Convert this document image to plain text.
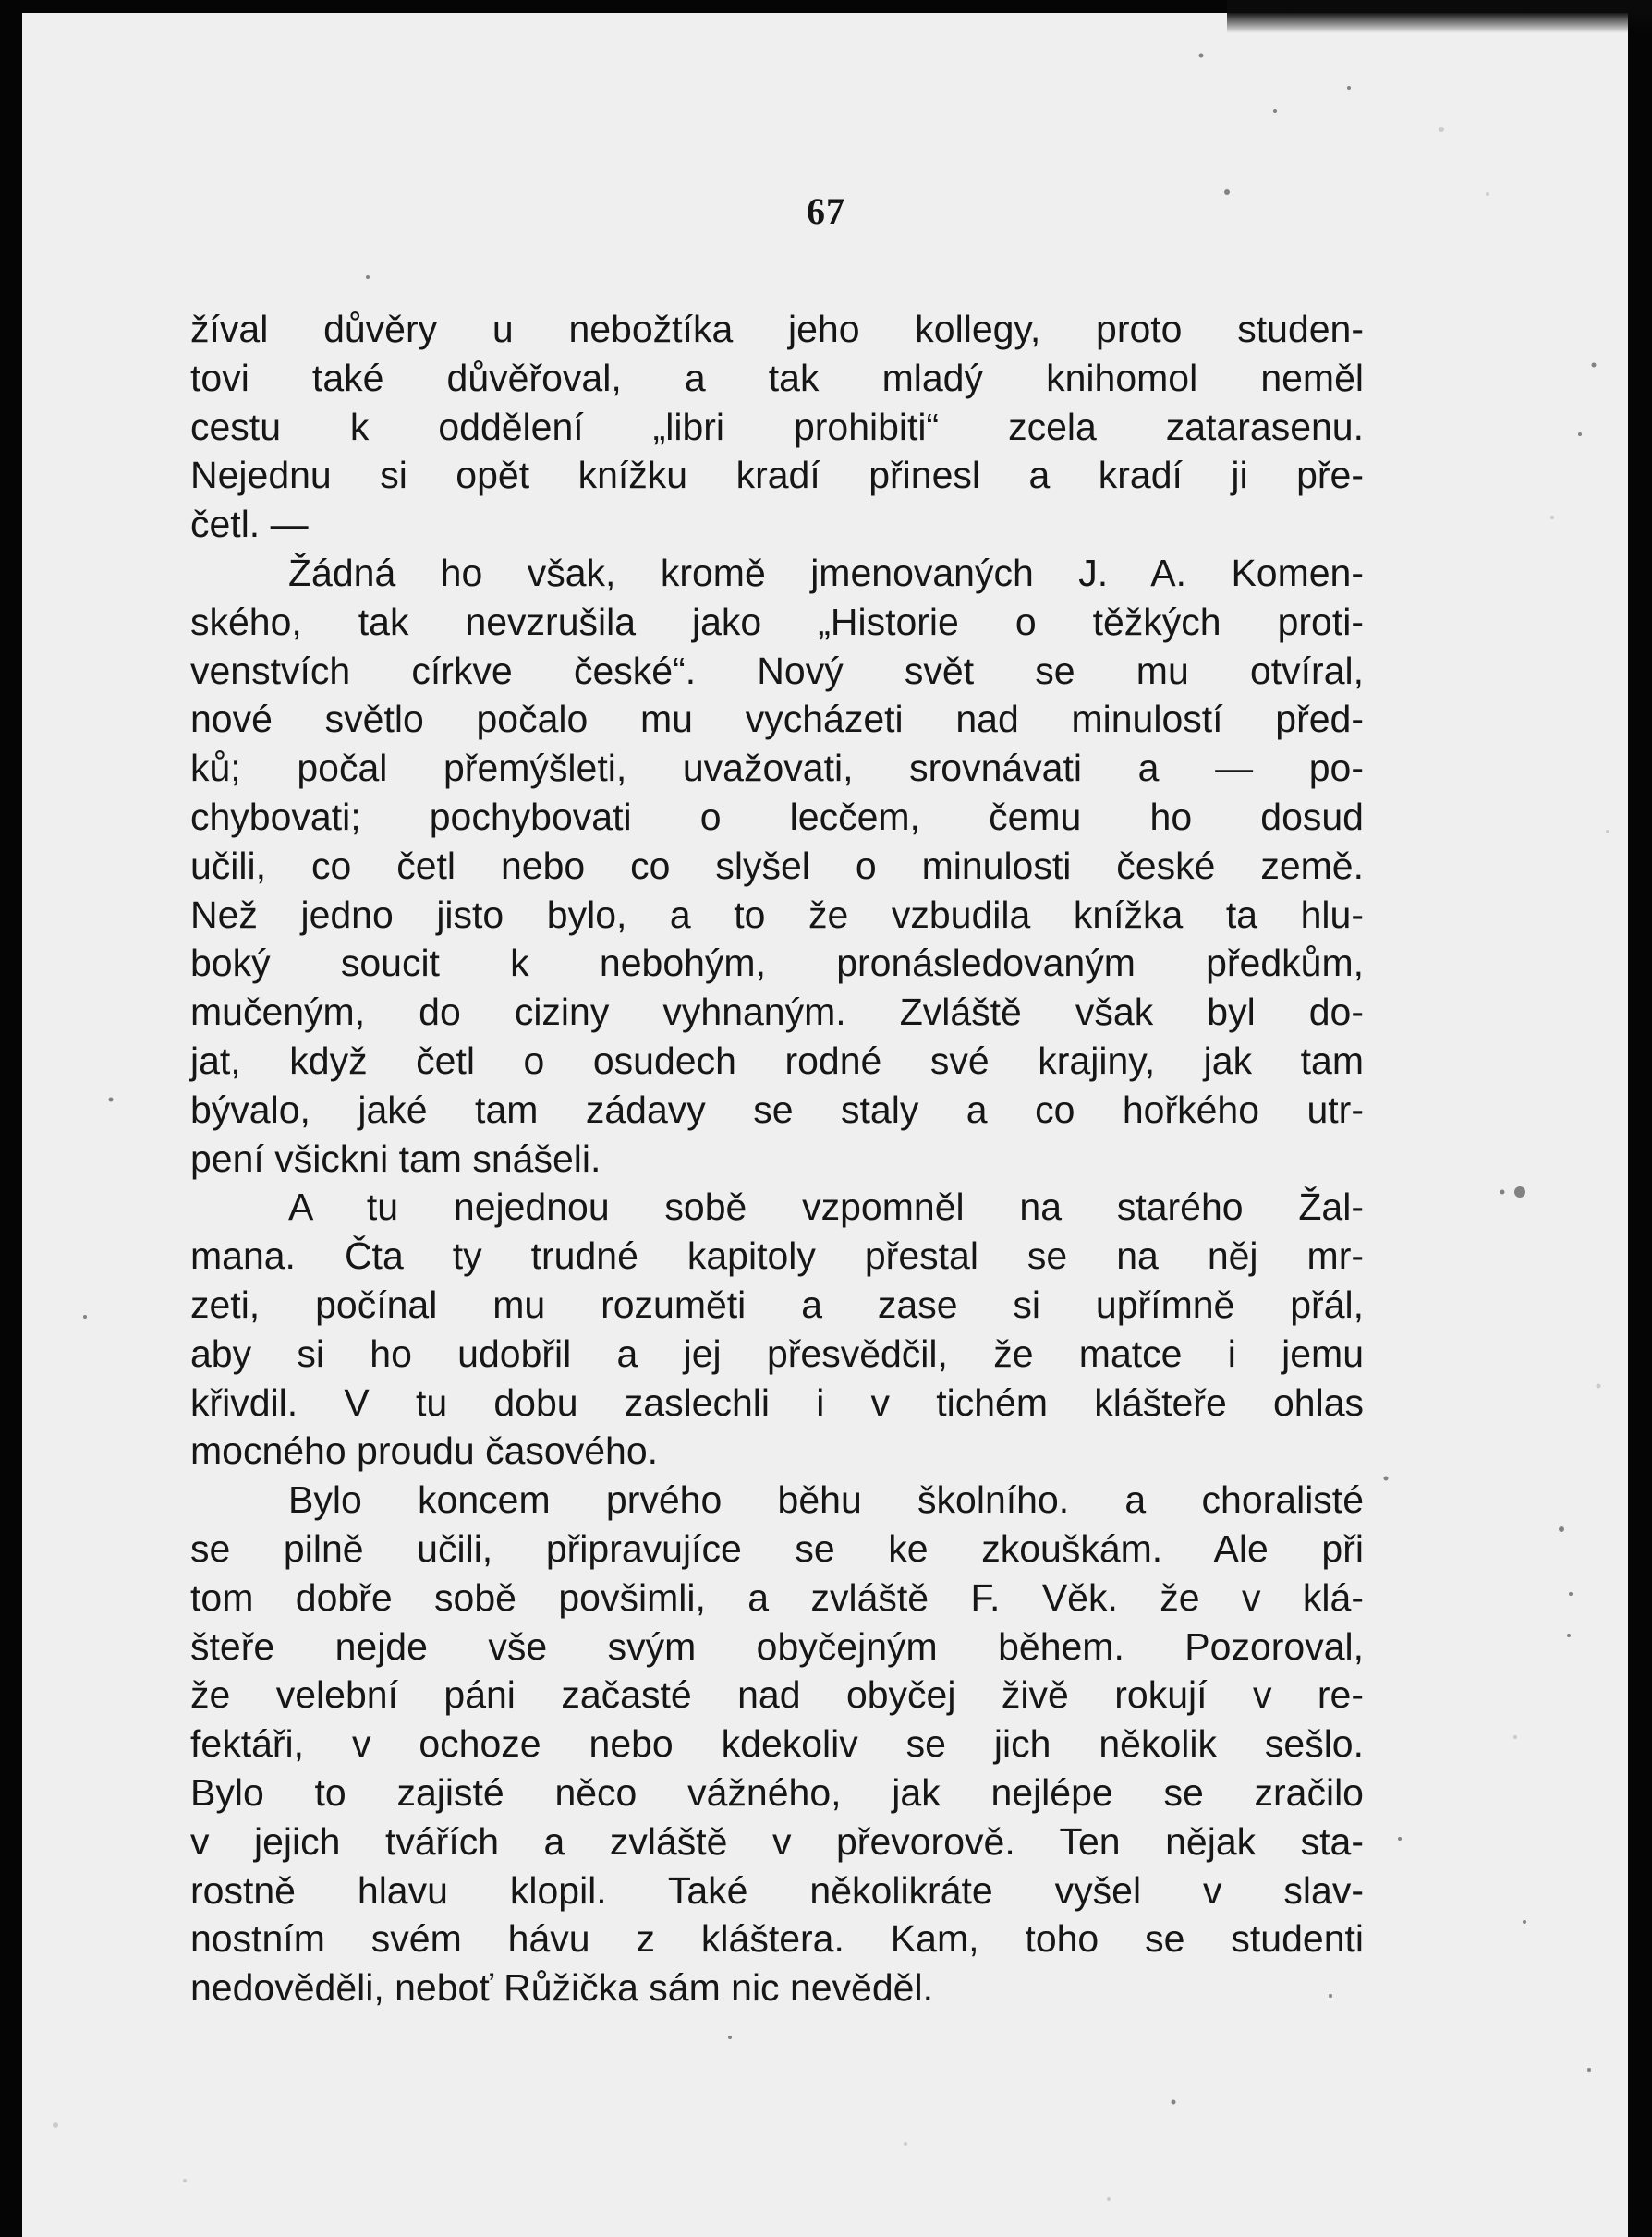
67
žíval důvěry u nebožtíka jeho kollegy, proto studen-
tovi také důvěřoval, a tak mladý knihomol neměl
cestu k oddělení „libri prohibiti“ zcela zatarasenu.
Nejednu si opět knížku kradí přinesl a kradí ji pře-
četl. —
Žádná ho však, kromě jmenovaných J. A. Komen-
ského, tak nevzrušila jako „Historie o těžkých proti-
venstvích církve české“. Nový svět se mu otvíral,
nové světlo počalo mu vycházeti nad minulostí před-
ků; počal přemýšleti, uvažovati, srovnávati a — po-
chybovati; pochybovati o lecčem, čemu ho dosud
učili, co četl nebo co slyšel o minulosti české země.
Než jedno jisto bylo, a to že vzbudila knížka ta hlu-
boký soucit k nebohým, pronásledovaným předkům,
mučeným, do ciziny vyhnaným. Zvláště však byl do-
jat, když četl o osudech rodné své krajiny, jak tam
bývalo, jaké tam zádavy se staly a co hořkého utr-
pení všickni tam snášeli.
A tu nejednou sobě vzpomněl na starého Žal-
mana. Čta ty trudné kapitoly přestal se na něj mr-
zeti, počínal mu rozuměti a zase si upřímně přál,
aby si ho udobřil a jej přesvědčil, že matce i jemu
křivdil. V tu dobu zaslechli i v tichém klášteře ohlas
mocného proudu časového.
Bylo koncem prvého běhu školního. a choralisté
se pilně učili, připravujíce se ke zkouškám. Ale při
tom dobře sobě povšimli, a zvláště F. Věk. že v klá-
šteře nejde vše svým obyčejným během. Pozoroval,
že velební páni začasté nad obyčej živě rokují v re-
fektáři, v ochoze nebo kdekoliv se jich několik sešlo.
Bylo to zajisté něco vážného, jak nejlépe se zračilo
v jejich tvářích a zvláště v převorově. Ten nějak sta-
rostně hlavu klopil. Také několikráte vyšel v slav-
nostním svém hávu z kláštera. Kam, toho se studenti
nedověděli, neboť Růžička sám nic nevěděl.
